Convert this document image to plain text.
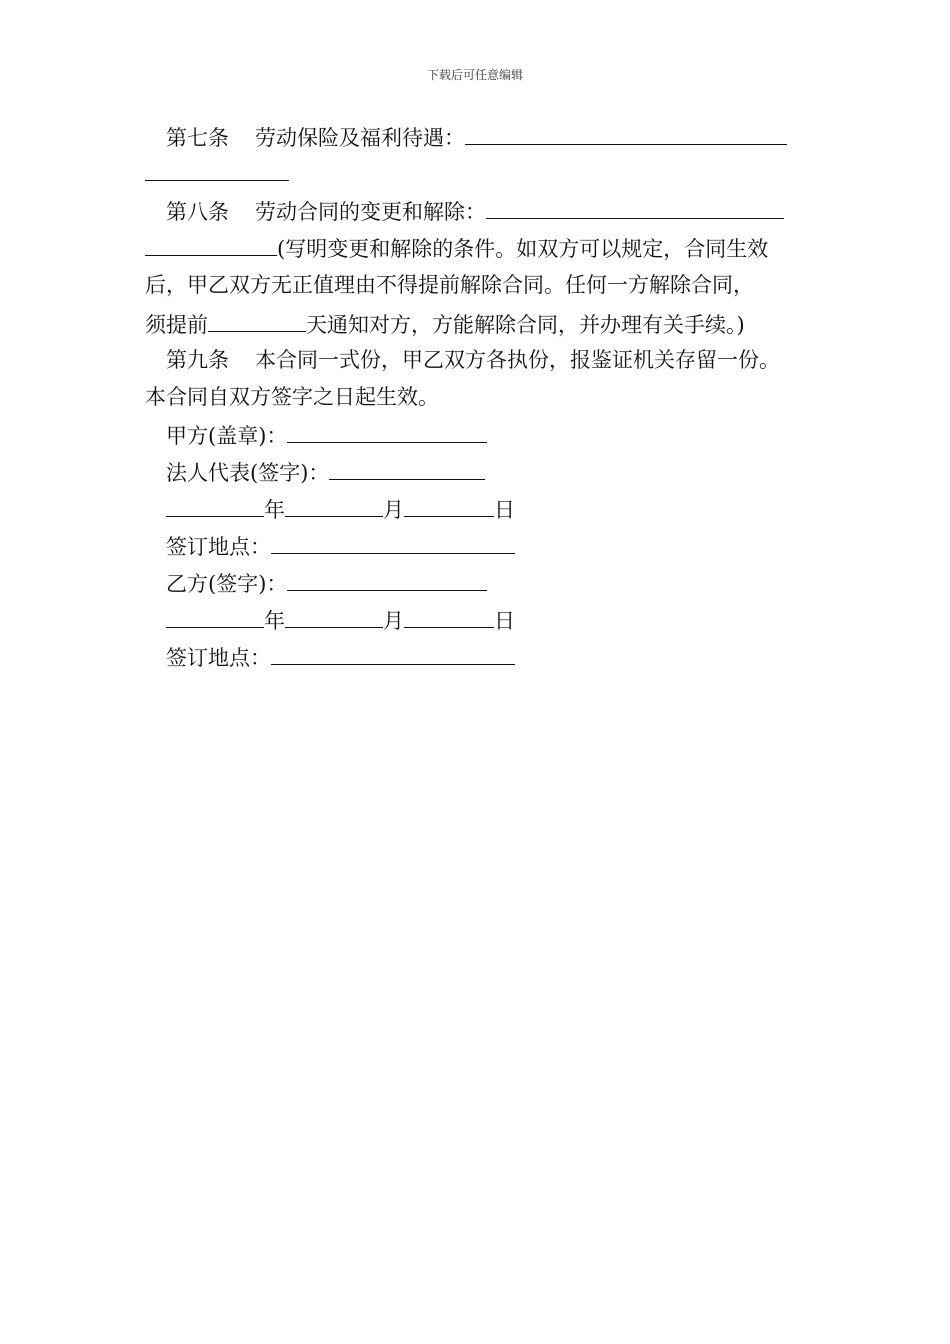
下载后可任意编辑
第七条 劳动保险及福利待遇：
第八条 劳动合同的变更和解除：
(写明变更和解除的条件。如双方可以规定，合同生效
后，甲乙双方无正值理由不得提前解除合同。任何一方解除合同，
须提前	天通知对方，方能解除合同，并办理有关手续。)
第九条 本合同一式份，甲乙双方各执份，报鉴证机关存留一份。
本合同自双方签字之日起生效。
甲方(盖章)：
法人代表(签字)：
年	月	日
签订地点：
乙方(签字)：
年	月	日
签订地点：
